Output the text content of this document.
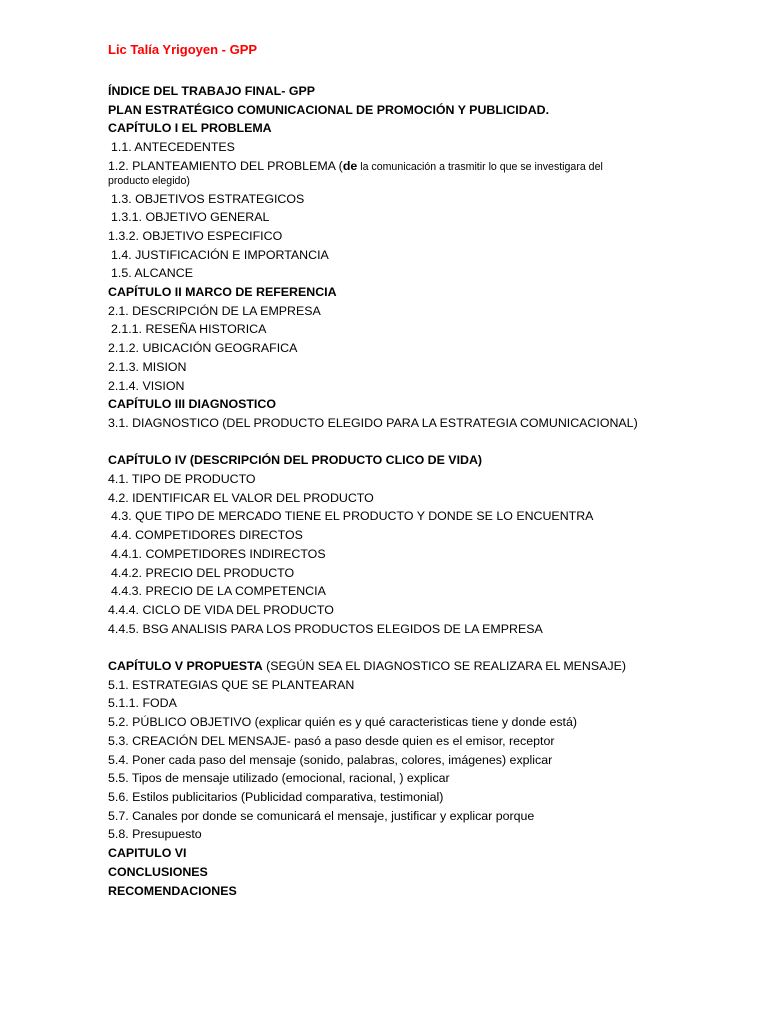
Lic Talía Yrigoyen - GPP
ÍNDICE DEL TRABAJO FINAL- GPP
PLAN ESTRATÉGICO COMUNICACIONAL DE PROMOCIÓN Y PUBLICIDAD.
CAPÍTULO I EL PROBLEMA
1.1. ANTECEDENTES
1.2. PLANTEAMIENTO DEL PROBLEMA (de la comunicación a trasmitir lo que se investigara del
producto elegido)
1.3. OBJETIVOS ESTRATEGICOS
1.3.1. OBJETIVO GENERAL
1.3.2. OBJETIVO ESPECIFICO
1.4. JUSTIFICACIÓN E IMPORTANCIA
1.5. ALCANCE
CAPÍTULO II MARCO DE REFERENCIA
2.1. DESCRIPCIÓN DE LA EMPRESA
2.1.1. RESEÑA HISTORICA
2.1.2. UBICACIÓN GEOGRAFICA
2.1.3. MISION
2.1.4. VISION
CAPÍTULO III DIAGNOSTICO
3.1. DIAGNOSTICO (DEL PRODUCTO ELEGIDO PARA LA ESTRATEGIA COMUNICACIONAL)
CAPÍTULO IV (DESCRIPCIÓN DEL PRODUCTO CLICO DE VIDA)
4.1. TIPO DE PRODUCTO
4.2. IDENTIFICAR EL VALOR DEL PRODUCTO
4.3. QUE TIPO DE MERCADO TIENE EL PRODUCTO Y DONDE SE LO ENCUENTRA
4.4. COMPETIDORES DIRECTOS
4.4.1. COMPETIDORES INDIRECTOS
4.4.2. PRECIO DEL PRODUCTO
4.4.3. PRECIO DE LA COMPETENCIA
4.4.4. CICLO DE VIDA DEL PRODUCTO
4.4.5. BSG ANALISIS PARA LOS PRODUCTOS ELEGIDOS DE LA EMPRESA
CAPÍTULO V PROPUESTA (SEGÚN SEA EL DIAGNOSTICO SE REALIZARA EL MENSAJE)
5.1. ESTRATEGIAS QUE SE PLANTEARAN
5.1.1. FODA
5.2. PÚBLICO OBJETIVO (explicar quién es y qué caracteristicas tiene y donde está)
5.3. CREACIÓN DEL MENSAJE- pasó a paso desde quien es el emisor, receptor
5.4. Poner cada paso del mensaje (sonido, palabras, colores, imágenes) explicar
5.5. Tipos de mensaje utilizado (emocional, racional, ) explicar
5.6. Estilos publicitarios (Publicidad comparativa, testimonial)
5.7. Canales por donde se comunicará el mensaje, justificar y explicar porque
5.8. Presupuesto
CAPITULO VI
CONCLUSIONES
RECOMENDACIONES
